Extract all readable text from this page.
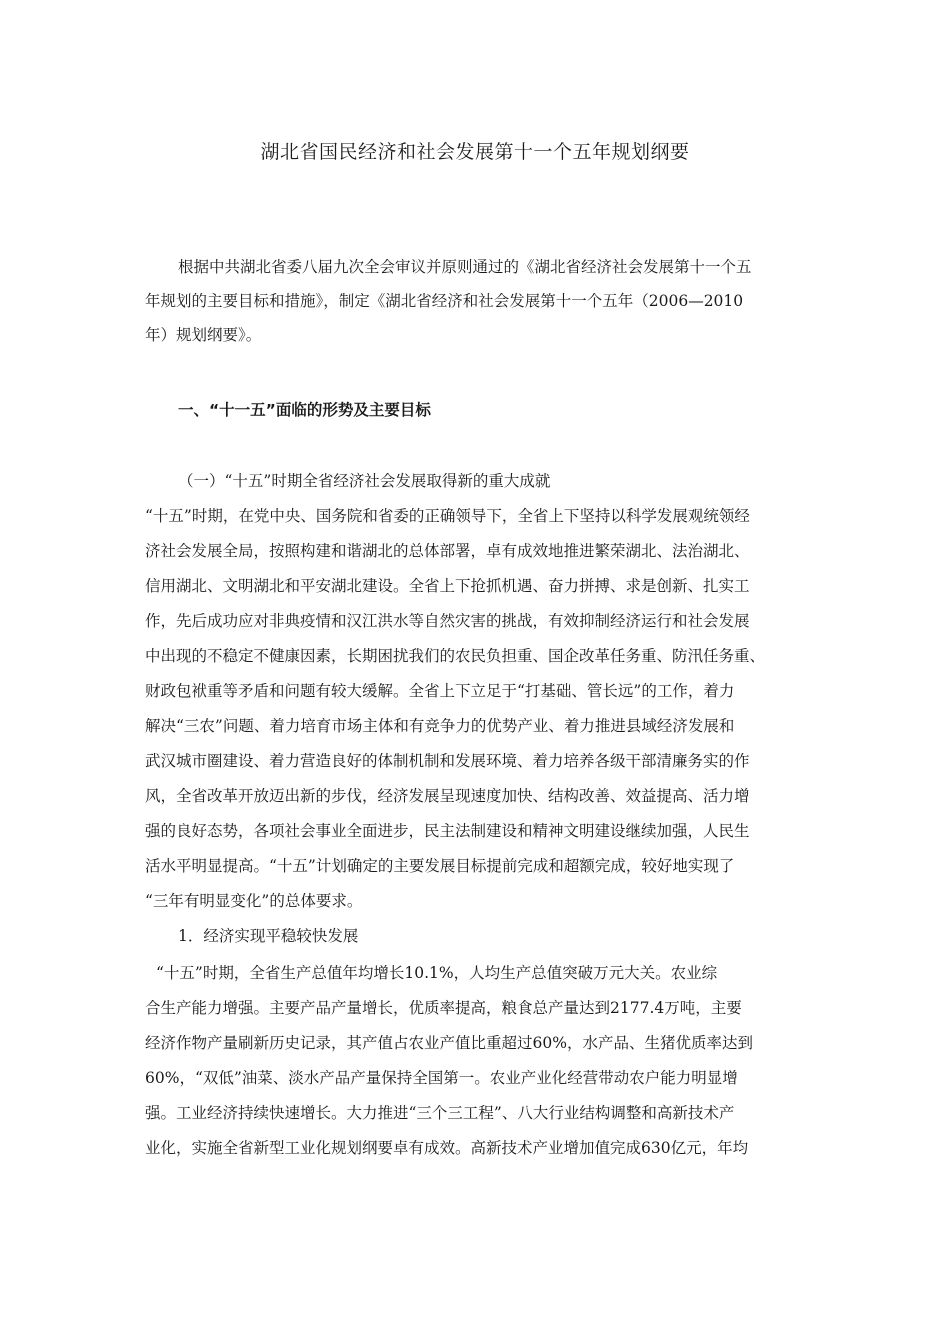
湖北省国民经济和社会发展第十一个五年规划纲要
根据中共湖北省委八届九次全会审议并原则通过的《湖北省经济社会发展第十一个五
年规划的主要目标和措施》，制定《湖北省经济和社会发展第十一个五年（2006—2010
年）规划纲要》。
一、“十一五”面临的形势及主要目标
（一）“十五”时期全省经济社会发展取得新的重大成就
“十五”时期，在党中央、国务院和省委的正确领导下，全省上下坚持以科学发展观统领经
济社会发展全局，按照构建和谐湖北的总体部署，卓有成效地推进繁荣湖北、法治湖北、
信用湖北、文明湖北和平安湖北建设。全省上下抢抓机遇、奋力拼搏、求是创新、扎实工
作，先后成功应对非典疫情和汉江洪水等自然灾害的挑战，有效抑制经济运行和社会发展
中出现的不稳定不健康因素，长期困扰我们的农民负担重、国企改革任务重、防汛任务重、
财政包袱重等矛盾和问题有较大缓解。全省上下立足于“打基础、管长远”的工作，着力
解决“三农”问题、着力培育市场主体和有竞争力的优势产业、着力推进县域经济发展和
武汉城市圈建设、着力营造良好的体制机制和发展环境、着力培养各级干部清廉务实的作
风，全省改革开放迈出新的步伐，经济发展呈现速度加快、结构改善、效益提高、活力增
强的良好态势，各项社会事业全面进步，民主法制建设和精神文明建设继续加强，人民生
活水平明显提高。“十五”计划确定的主要发展目标提前完成和超额完成，较好地实现了
“三年有明显变化”的总体要求。
1．经济实现平稳较快发展
“十五”时期，全省生产总值年均增长10.1%，人均生产总值突破万元大关。农业综
合生产能力增强。主要产品产量增长，优质率提高，粮食总产量达到2177.4万吨，主要
经济作物产量刷新历史记录，其产值占农业产值比重超过60%，水产品、生猪优质率达到
60%，“双低”油菜、淡水产品产量保持全国第一。农业产业化经营带动农户能力明显增
强。工业经济持续快速增长。大力推进“三个三工程”、八大行业结构调整和高新技术产
业化，实施全省新型工业化规划纲要卓有成效。高新技术产业增加值完成630亿元，年均
